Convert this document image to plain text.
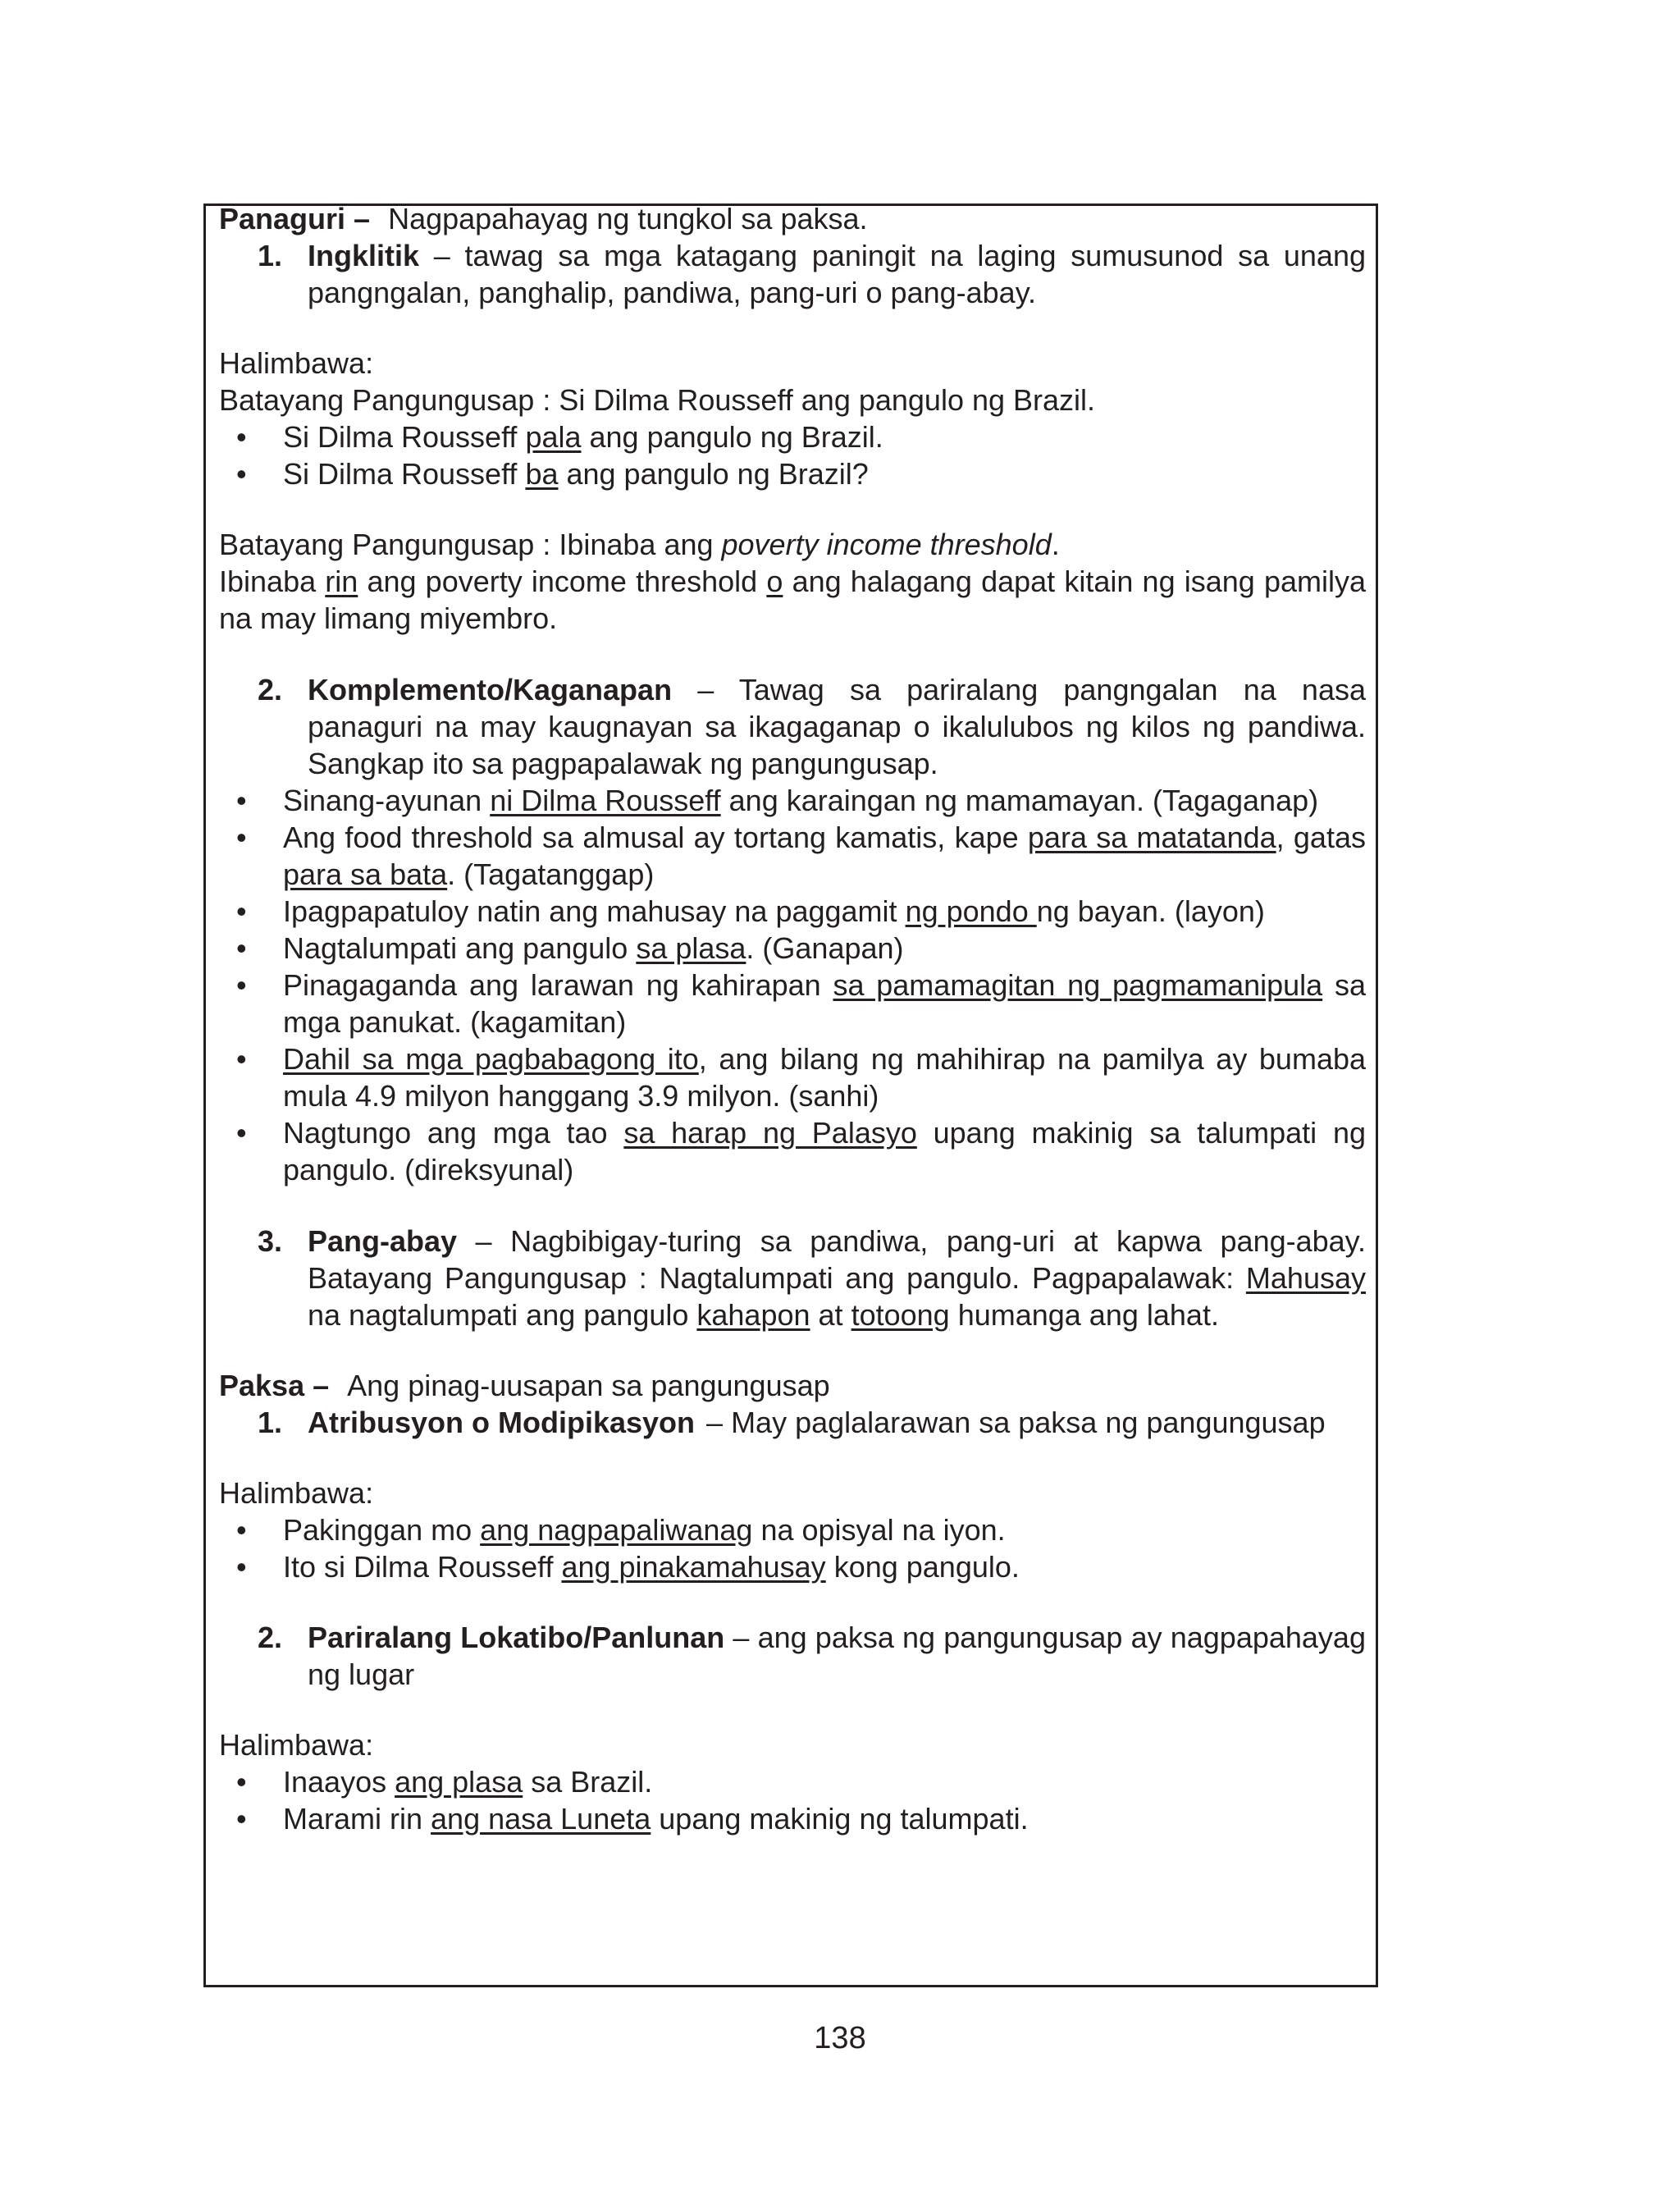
Panaguri – Nagpapahayag ng tungkol sa paksa.

1. Ingklitik – tawag sa mga katagang paningit na laging sumusunod sa unang pangngalan, panghalip, pandiwa, pang-uri o pang-abay.

Halimbawa:

Batayang Pangungusap : Si Dilma Rousseff ang pangulo ng Brazil.

• Si Dilma Rousseff pala ang pangulo ng Brazil.

• Si Dilma Rousseff ba ang pangulo ng Brazil?

Batayang Pangungusap : Ibinaba ang poverty income threshold.

Ibinaba rin ang poverty income threshold o ang halagang dapat kitain ng isang pamilya na may limang miyembro.

2. Komplemento/Kaganapan – Tawag sa pariralang pangngalan na nasa panaguri na may kaugnayan sa ikagaganap o ikalulubos ng kilos ng pandiwa. Sangkap ito sa pagpapalawak ng pangungusap.

• Sinang-ayunan ni Dilma Rousseff ang karaingan ng mamamayan. (Tagaganap)

• Ang food threshold sa almusal ay tortang kamatis, kape para sa matatanda, gatas para sa bata. (Tagatanggap)

• Ipagpapatuloy natin ang mahusay na paggamit ng pondo ng bayan. (layon)

• Nagtalumpati ang pangulo sa plasa. (Ganapan)

• Pinagaganda ang larawan ng kahirapan sa pamamagitan ng pagmamanipula sa mga panukat. (kagamitan)

• Dahil sa mga pagbabagong ito, ang bilang ng mahihirap na pamilya ay bumaba mula 4.9 milyon hanggang 3.9 milyon. (sanhi)

• Nagtungo ang mga tao sa harap ng Palasyo upang makinig sa talumpati ng pangulo. (direksyunal)

3. Pang-abay – Nagbibigay-turing sa pandiwa, pang-uri at kapwa pang-abay. Batayang Pangungusap : Nagtalumpati ang pangulo. Pagpapalawak: Mahusay na nagtalumpati ang pangulo kahapon at totoong humanga ang lahat.

Paksa – Ang pinag-uusapan sa pangungusap

1. Atribusyon o Modipikasyon – May paglalarawan sa paksa ng pangungusap

Halimbawa:

• Pakinggan mo ang nagpapaliwanag na opisyal na iyon.

• Ito si Dilma Rousseff ang pinakamahusay kong pangulo.

2. Pariralang Lokatibo/Panlunan – ang paksa ng pangungusap ay nagpapahayag ng lugar

Halimbawa:

• Inaayos ang plasa sa Brazil.

• Marami rin ang nasa Luneta upang makinig ng talumpati.

138
